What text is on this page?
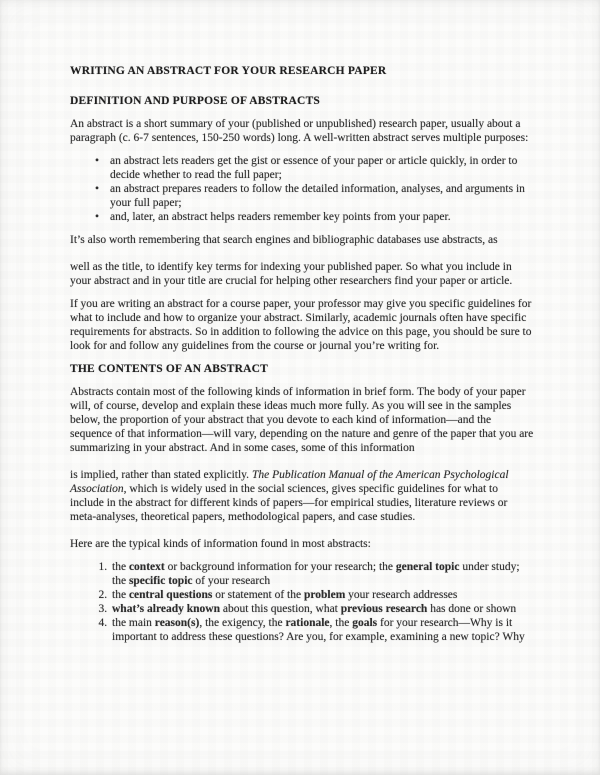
WRITING AN ABSTRACT FOR YOUR RESEARCH PAPER
DEFINITION AND PURPOSE OF ABSTRACTS

An abstract is a short summary of your (published or unpublished) research paper, usually about a paragraph (c. 6-7 sentences, 150-250 words) long. A well-written abstract serves multiple purposes:

• an abstract lets readers get the gist or essence of your paper or article quickly, in order to decide whether to read the full paper;
• an abstract prepares readers to follow the detailed information, analyses, and arguments in your full paper;
• and, later, an abstract helps readers remember key points from your paper.

It’s also worth remembering that search engines and bibliographic databases use abstracts, as

well as the title, to identify key terms for indexing your published paper. So what you include in your abstract and in your title are crucial for helping other researchers find your paper or article.

If you are writing an abstract for a course paper, your professor may give you specific guidelines for what to include and how to organize your abstract. Similarly, academic journals often have specific requirements for abstracts. So in addition to following the advice on this page, you should be sure to look for and follow any guidelines from the course or journal you’re writing for.

THE CONTENTS OF AN ABSTRACT

Abstracts contain most of the following kinds of information in brief form. The body of your paper will, of course, develop and explain these ideas much more fully. As you will see in the samples below, the proportion of your abstract that you devote to each kind of information—and the sequence of that information—will vary, depending on the nature and genre of the paper that you are summarizing in your abstract. And in some cases, some of this information

is implied, rather than stated explicitly. The Publication Manual of the American Psychological Association, which is widely used in the social sciences, gives specific guidelines for what to include in the abstract for different kinds of papers—for empirical studies, literature reviews or meta-analyses, theoretical papers, methodological papers, and case studies.

Here are the typical kinds of information found in most abstracts:

1. the context or background information for your research; the general topic under study; the specific topic of your research
2. the central questions or statement of the problem your research addresses
3. what’s already known about this question, what previous research has done or shown
4. the main reason(s), the exigency, the rationale, the goals for your research—Why is it important to address these questions? Are you, for example, examining a new topic? Why
